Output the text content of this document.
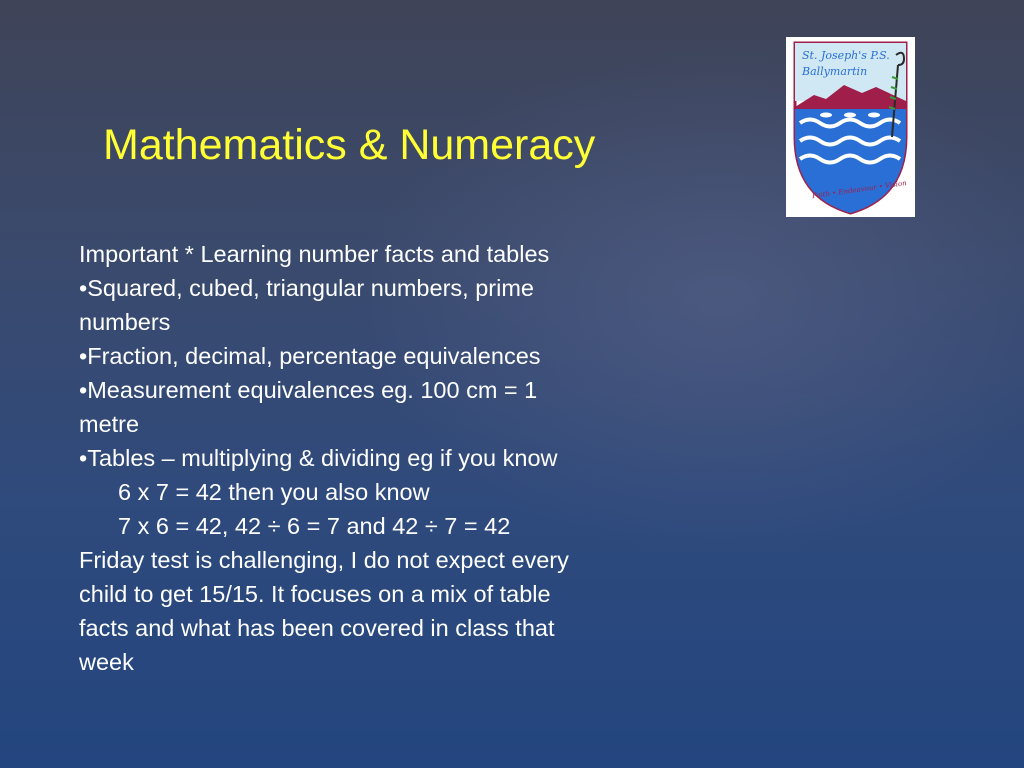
Mathematics & Numeracy
Important * Learning number facts and tables
•Squared, cubed, triangular numbers, prime
numbers
•Fraction, decimal, percentage equivalences
•Measurement equivalences eg. 100 cm = 1
metre
•Tables – multiplying & dividing eg if you know
6 x 7 = 42 then you also know
7 x 6 = 42, 42 ÷ 6 = 7 and 42 ÷ 7 = 42
Friday test is challenging, I do not expect every
child to get 15/15. It focuses on a mix of table
facts and what has been covered in class that
week
St. Joseph's P.S.
Ballymartin
Faith • Endeavour • Vision
